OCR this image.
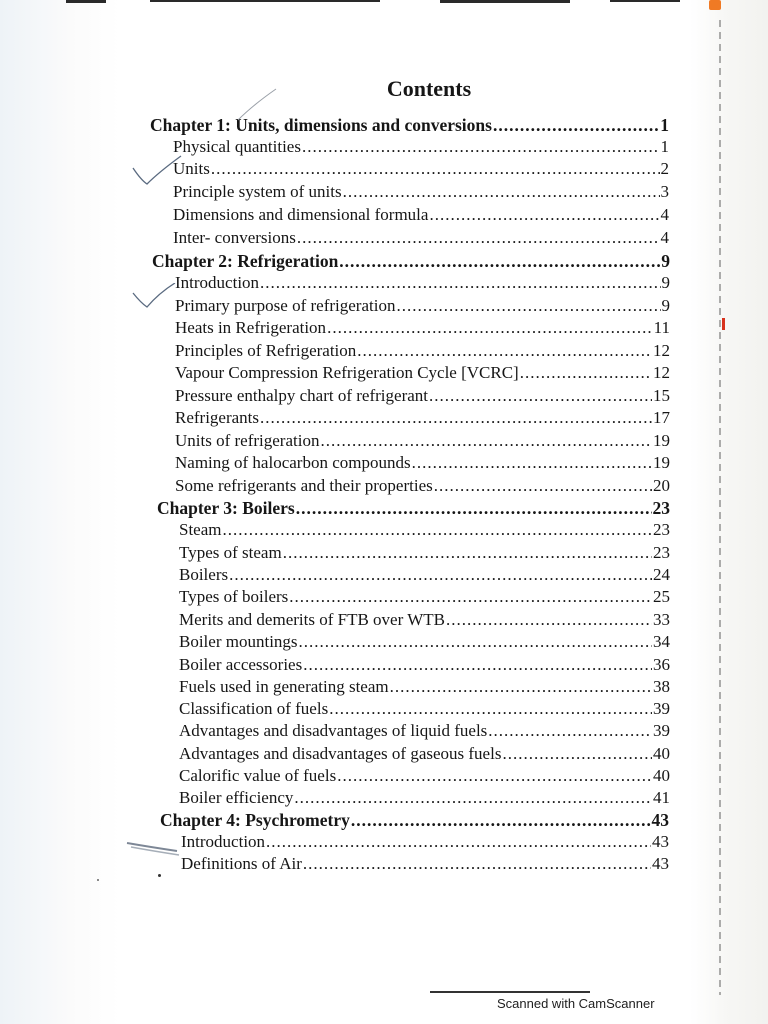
Contents
Chapter 1: Units, dimensions and conversions .....	1
Physical quantities .....	1
Units .....	2
Principle system of units .....	3
Dimensions and dimensional formula .....	4
Inter- conversions .....	4
Chapter 2: Refrigeration .....	9
Introduction .....	9
Primary purpose of refrigeration .....	9
Heats in Refrigeration .....	11
Principles of Refrigeration .....	12
Vapour Compression Refrigeration Cycle [VCRC] .....	12
Pressure enthalpy chart of refrigerant .....	15
Refrigerants .....	17
Units of refrigeration .....	19
Naming of halocarbon compounds .....	19
Some refrigerants and their properties .....	20
Chapter 3: Boilers .....	23
Steam .....	23
Types of steam .....	23
Boilers .....	24
Types of boilers .....	25
Merits and demerits of FTB over WTB .....	33
Boiler mountings .....	34
Boiler accessories .....	36
Fuels used in generating steam .....	38
Classification of fuels .....	39
Advantages and disadvantages of liquid fuels .....	39
Advantages and disadvantages of gaseous fuels .....	40
Calorific value of fuels .....	40
Boiler efficiency .....	41
Chapter 4: Psychrometry .....	43
Introduction .....	43
Definitions of Air .....	43
Scanned with CamScanner
